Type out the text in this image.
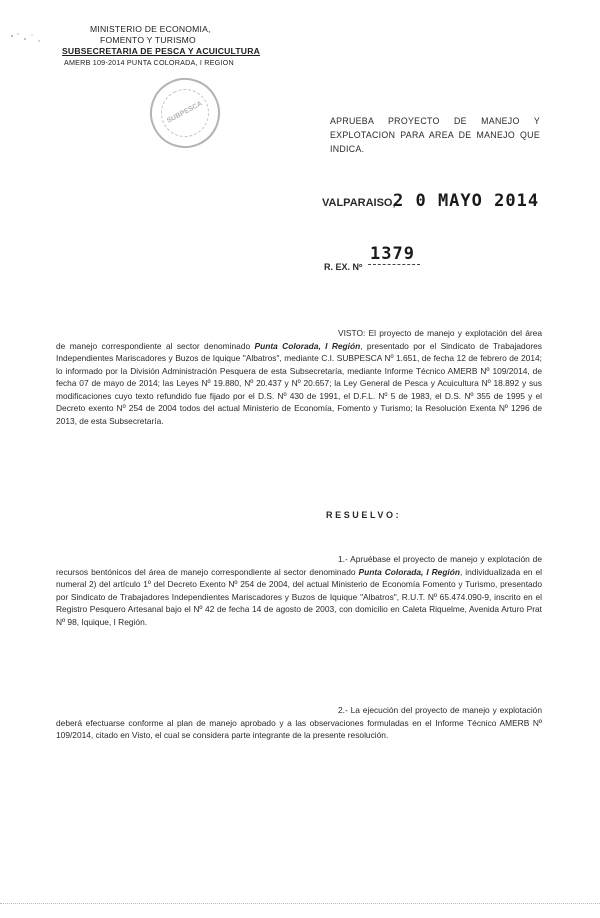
MINISTERIO DE ECONOMIA,
FOMENTO Y TURISMO
SUBSECRETARIA DE PESCA Y ACUICULTURA
AMERB 109-2014 PUNTA COLORADA, I REGION
SUBPESCA	APRUEBA PROYECTO DE MANEJO Y
EXPLOTACION PARA AREA DE MANEJO QUE
INDICA.
VALPARAISO,
2 0 MAYO 2014
1379
R. EX. Nº
VISTO: El proyecto de manejo y explotación del área de manejo correspondiente al sector denominado Punta Colorada, I Región, presentado por el Sindicato de Trabajadores Independientes Mariscadores y Buzos de Iquique "Albatros", mediante C.I. SUBPESCA Nº 1.651, de fecha 12 de febrero de 2014; lo informado por la División Administración Pesquera de esta Subsecretaría, mediante Informe Técnico AMERB Nº 109/2014, de fecha 07 de mayo de 2014; las Leyes Nº 19.880, Nº 20.437 y Nº 20.657; la Ley General de Pesca y Acuicultura Nº 18.892 y sus modificaciones cuyo texto refundido fue fijado por el D.S. Nº 430 de 1991, el D.F.L. Nº 5 de 1983, el D.S. Nº 355 de 1995 y el Decreto exento Nº 254 de 2004 todos del actual Ministerio de Economía, Fomento y Turismo; la Resolución Exenta Nº 1296 de 2013, de esta Subsecretaría.
RESUELVO:
1.- Apruébase el proyecto de manejo y explotación de recursos bentónicos del área de manejo correspondiente al sector denominado Punta Colorada, I Región, individualizada en el numeral 2) del artículo 1º del Decreto Exento Nº 254 de 2004, del actual Ministerio de Economía Fomento y Turismo, presentado por Sindicato de Trabajadores Independientes Mariscadores y Buzos de Iquique "Albatros", R.U.T. Nº 65.474.090-9, inscrito en el Registro Pesquero Artesanal bajo el Nº 42 de fecha 14 de agosto de 2003, con domicilio en Caleta Riquelme, Avenida Arturo Prat Nº 98, Iquique, I Región.
2.- La ejecución del proyecto de manejo y explotación deberá efectuarse conforme al plan de manejo aprobado y a las observaciones formuladas en el Informe Técnico AMERB Nº 109/2014, citado en Visto, el cual se considera parte integrante de la presente resolución.
